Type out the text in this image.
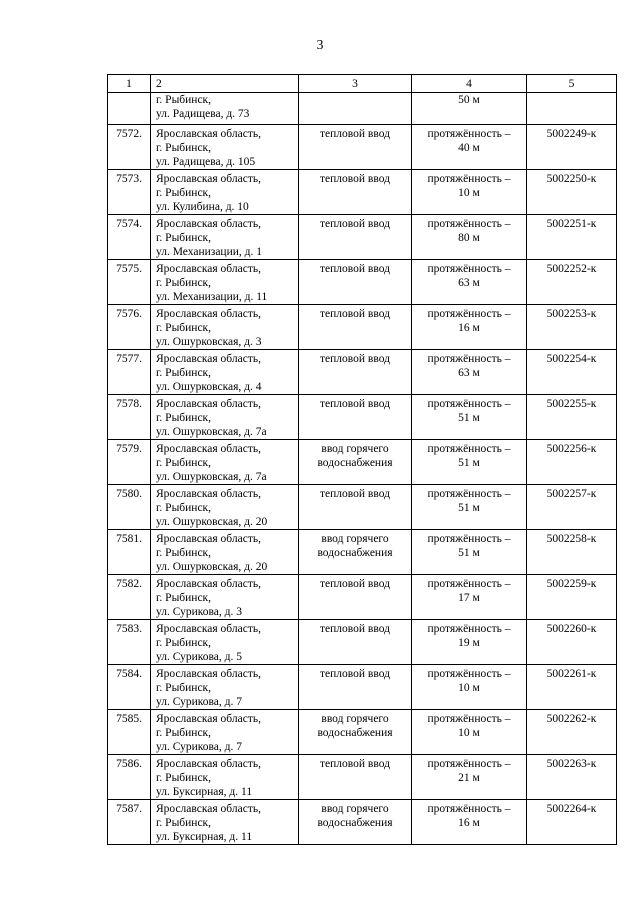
3
1	2	3	4	5

	г. Рыбинск,
ул. Радищева, д. 73		50 м	

7572.	Ярославская область,
г. Рыбинск,
ул. Радищева, д. 105	тепловой ввод	протяжённость –
40 м	5002249-к
7573.	Ярославская область,
г. Рыбинск,
ул. Кулибина, д. 10	тепловой ввод	протяжённость –
10 м	5002250-к
7574.	Ярославская область,
г. Рыбинск,
ул. Механизации, д. 1	тепловой ввод	протяжённость –
80 м	5002251-к
7575.	Ярославская область,
г. Рыбинск,
ул. Механизации, д. 11	тепловой ввод	протяжённость –
63 м	5002252-к
7576.	Ярославская область,
г. Рыбинск,
ул. Ошурковская, д. 3	тепловой ввод	протяжённость –
16 м	5002253-к
7577.	Ярославская область,
г. Рыбинск,
ул. Ошурковская, д. 4	тепловой ввод	протяжённость –
63 м	5002254-к
7578.	Ярославская область,
г. Рыбинск,
ул. Ошурковская, д. 7а	тепловой ввод	протяжённость –
51 м	5002255-к
7579.	Ярославская область,
г. Рыбинск,
ул. Ошурковская, д. 7а	ввод горячего
водоснабжения	протяжённость –
51 м	5002256-к
7580.	Ярославская область,
г. Рыбинск,
ул. Ошурковская, д. 20	тепловой ввод	протяжённость –
51 м	5002257-к
7581.	Ярославская область,
г. Рыбинск,
ул. Ошурковская, д. 20	ввод горячего
водоснабжения	протяжённость –
51 м	5002258-к
7582.	Ярославская область,
г. Рыбинск,
ул. Сурикова, д. 3	тепловой ввод	протяжённость –
17 м	5002259-к
7583.	Ярославская область,
г. Рыбинск,
ул. Сурикова, д. 5	тепловой ввод	протяжённость –
19 м	5002260-к
7584.	Ярославская область,
г. Рыбинск,
ул. Сурикова, д. 7	тепловой ввод	протяжённость –
10 м	5002261-к
7585.	Ярославская область,
г. Рыбинск,
ул. Сурикова, д. 7	ввод горячего
водоснабжения	протяжённость –
10 м	5002262-к
7586.	Ярославская область,
г. Рыбинск,
ул. Буксирная, д. 11	тепловой ввод	протяжённость –
21 м	5002263-к
7587.	Ярославская область,
г. Рыбинск,
ул. Буксирная, д. 11	ввод горячего
водоснабжения	протяжённость –
16 м	5002264-к
